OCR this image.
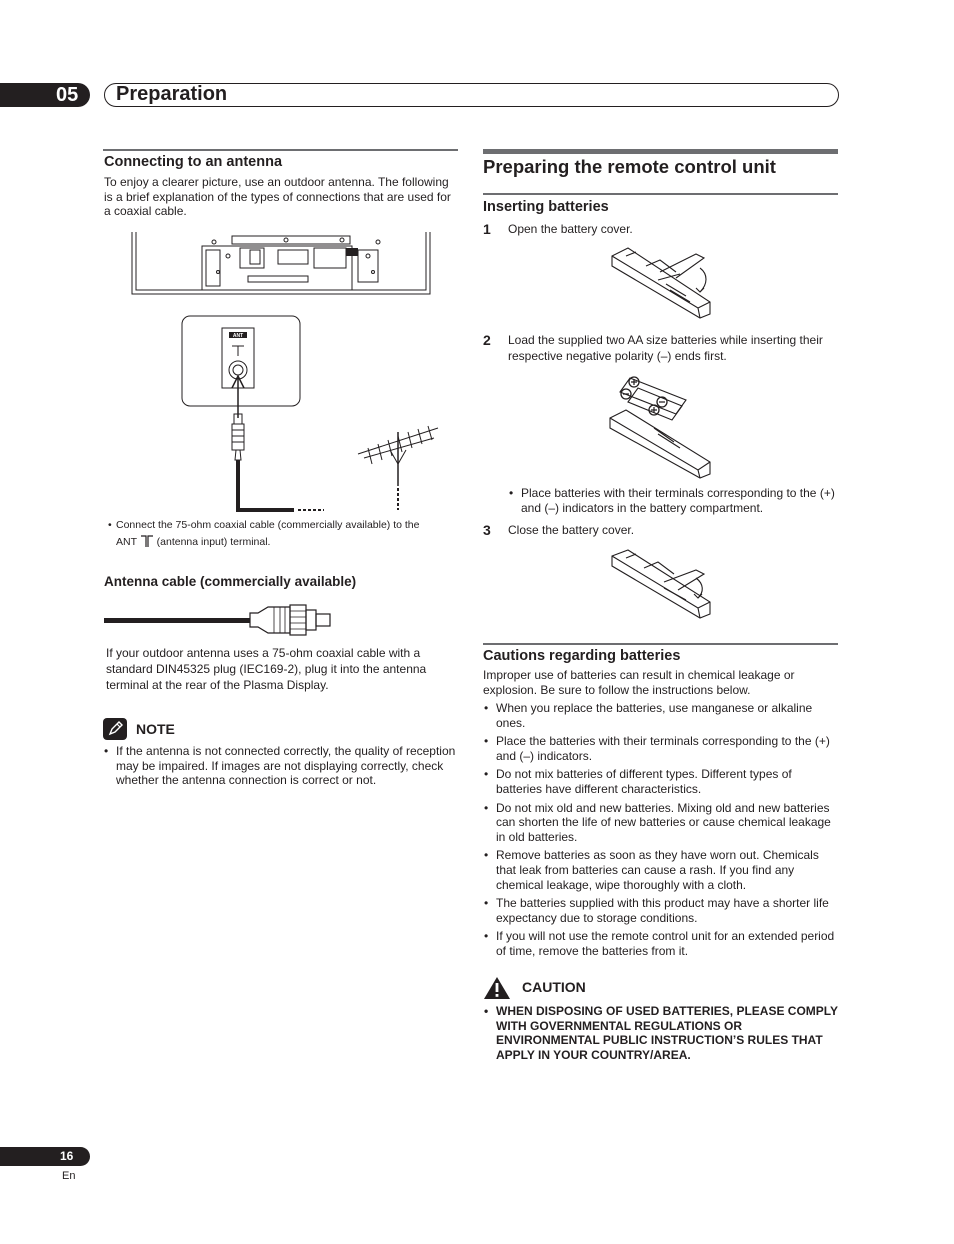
05	Preparation
Connecting to an antenna

To enjoy a clearer picture, use an outdoor antenna. The following is a brief explanation of the types of connections that are used for a coaxial cable.

ANT
• Connect the 75-ohm coaxial cable (commercially available) to the
ANT (antenna input) terminal.
Antenna cable (commercially available)

If your outdoor antenna uses a 75-ohm coaxial cable with a standard DIN45325 plug (IEC169-2), plug it into the antenna terminal at the rear of the Plasma Display.

NOTE
• If the antenna is not connected correctly, the quality of reception may be impaired. If images are not displaying correctly, check whether the antenna connection is correct or not.
Preparing the remote control unit
Inserting batteries
1 Open the battery cover.
2 Load the supplied two AA size batteries while inserting their respective negative polarity (–) ends first.
• Place batteries with their terminals corresponding to the (+) and (–) indicators in the battery compartment.
3 Close the battery cover.
Cautions regarding batteries

Improper use of batteries can result in chemical leakage or explosion. Be sure to follow the instructions below.

• When you replace the batteries, use manganese or alkaline ones.
• Place the batteries with their terminals corresponding to the (+) and (–) indicators.
• Do not mix batteries of different types. Different types of batteries have different characteristics.
• Do not mix old and new batteries. Mixing old and new batteries can shorten the life of new batteries or cause chemical leakage in old batteries.
• Remove batteries as soon as they have worn out. Chemicals that leak from batteries can cause a rash. If you find any chemical leakage, wipe thoroughly with a cloth.
• The batteries supplied with this product may have a shorter life expectancy due to storage conditions.
• If you will not use the remote control unit for an extended period of time, remove the batteries from it.
CAUTION
• WHEN DISPOSING OF USED BATTERIES, PLEASE COMPLY WITH GOVERNMENTAL REGULATIONS OR ENVIRONMENTAL PUBLIC INSTRUCTION’S RULES THAT APPLY IN YOUR COUNTRY/AREA.
16
En
